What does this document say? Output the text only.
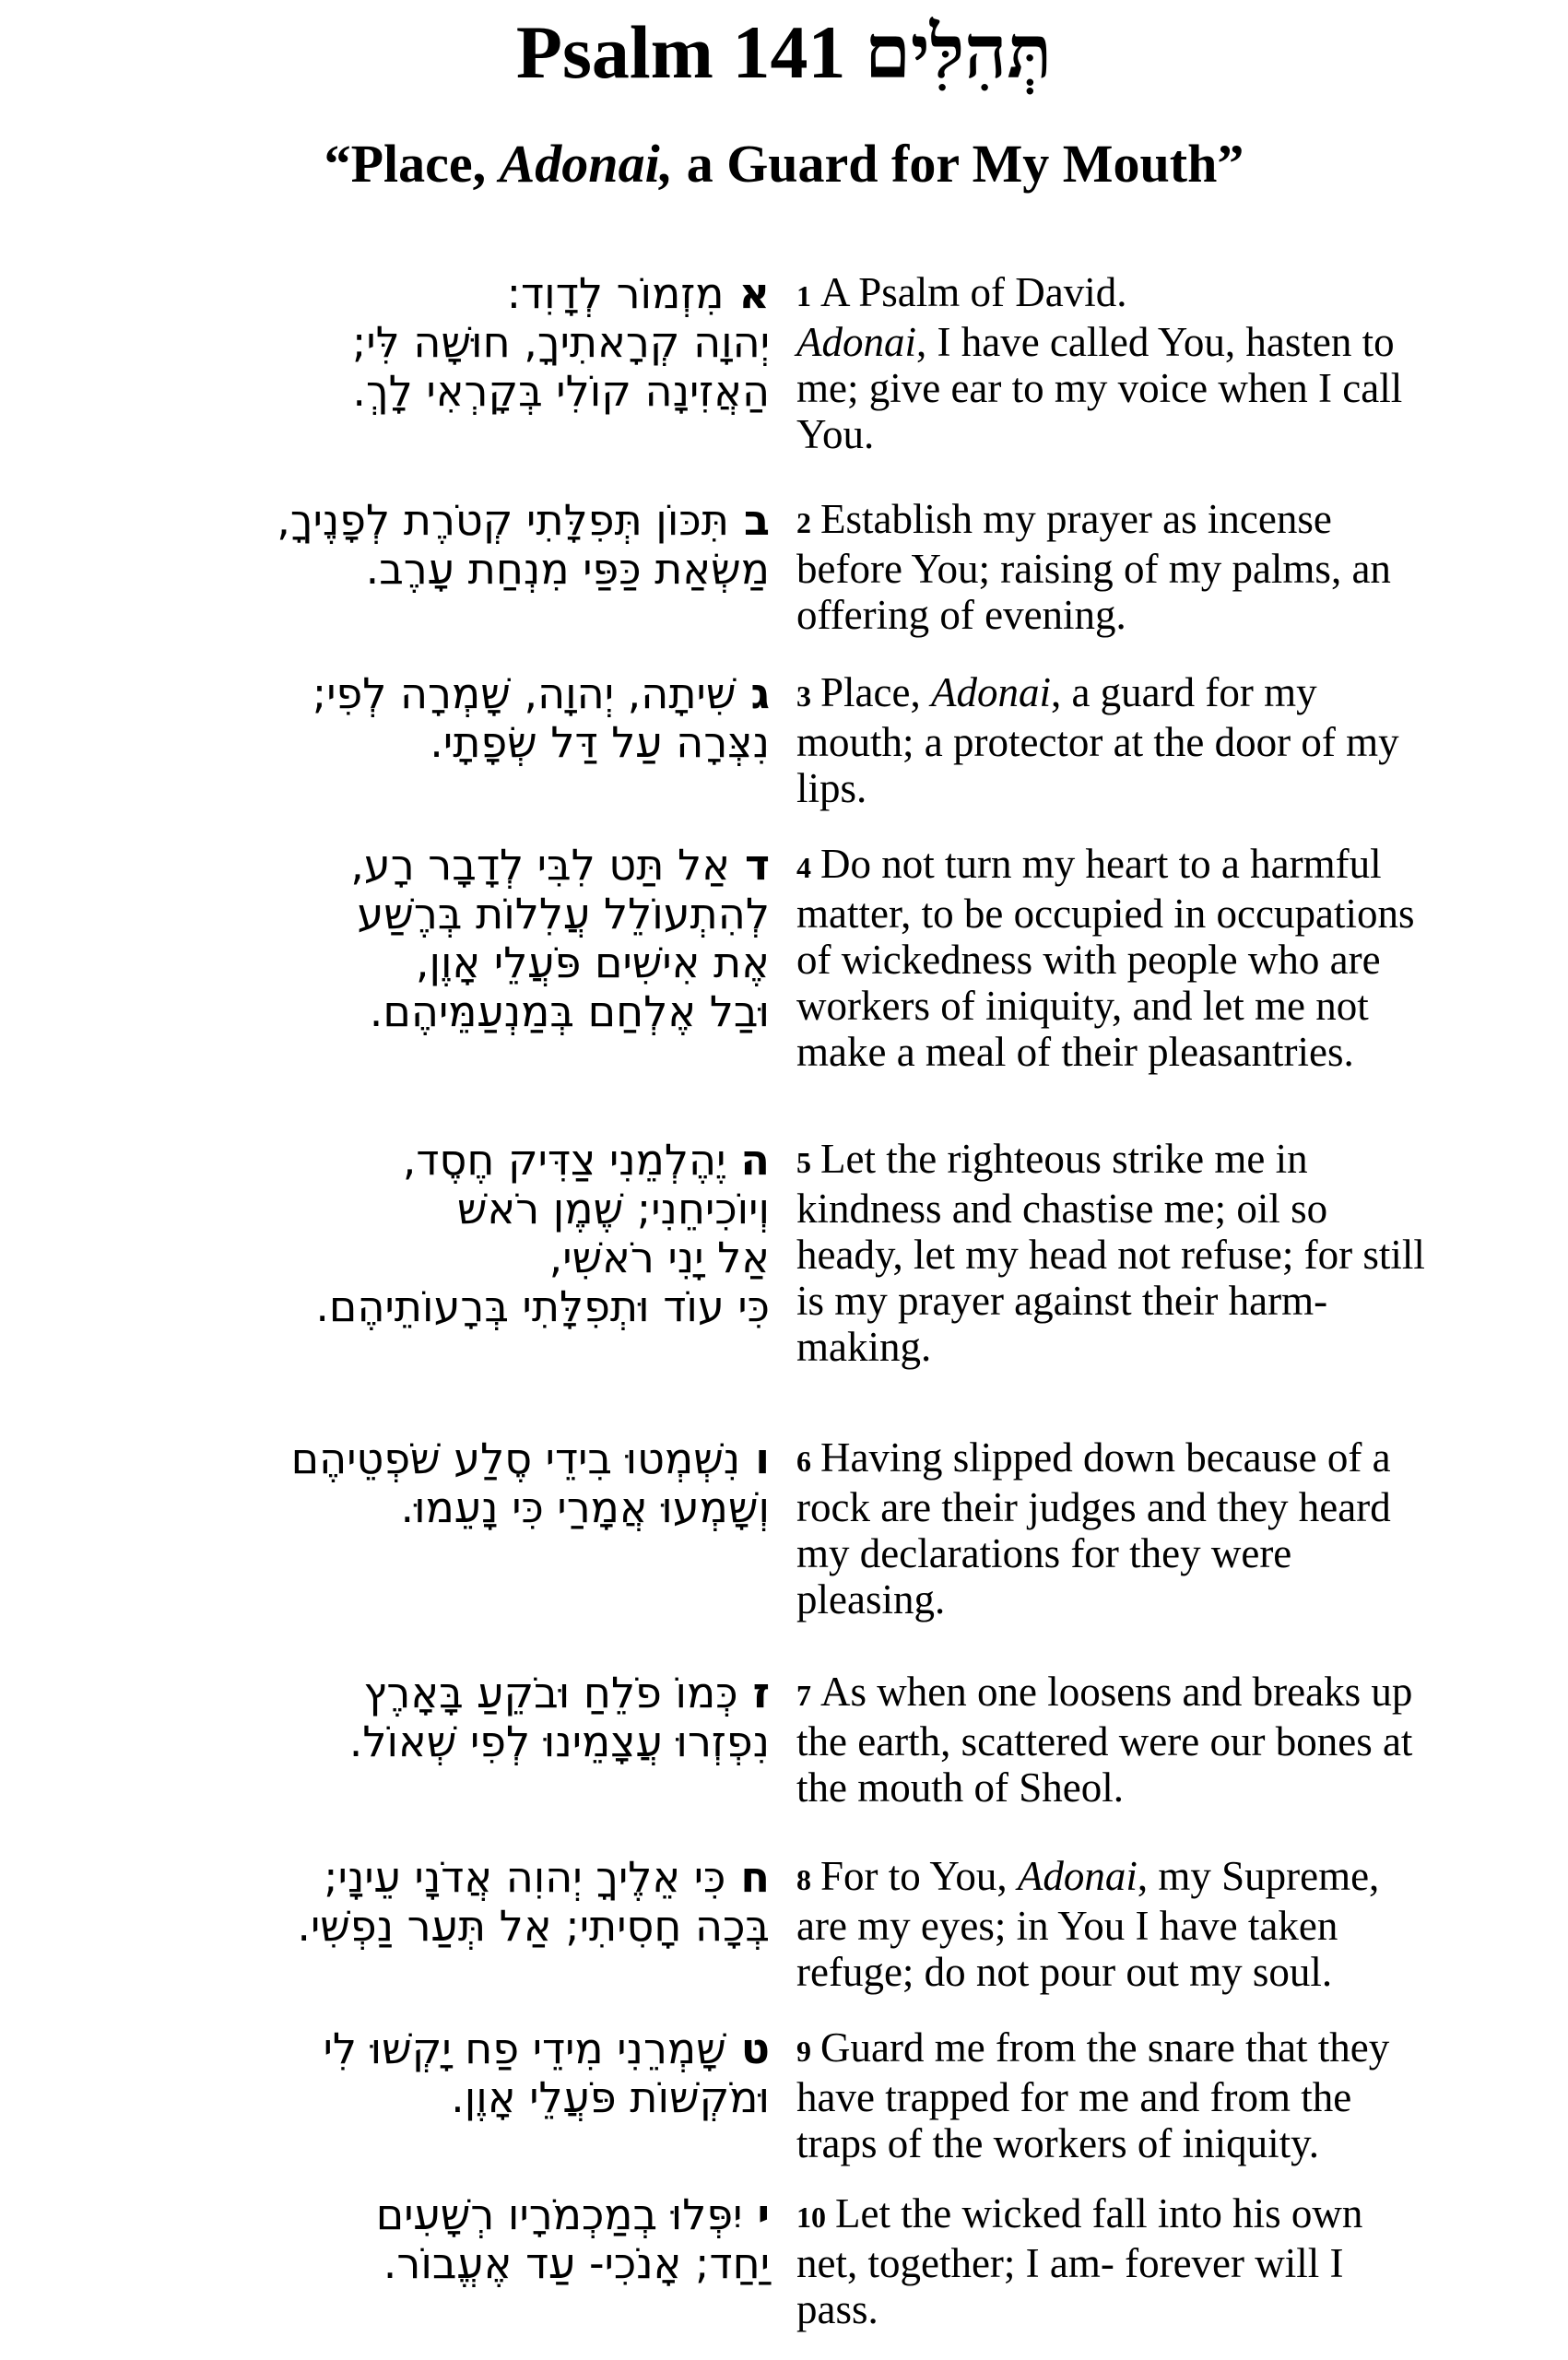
Psalm 141 תְּהִלִּים
“Place, Adonai, a Guard for My Mouth”
אמִזְמוֹר לְדָוִד:
יְהוָה קְרָאתִיךָ, חוּשָׁה לִּי;
הַאֲזִינָה קוֹלִי בְּקָרְאִי לָךְ.
1 A Psalm of David.
Adonai, I have called You, hasten to
me; give ear to my voice when I call
You.
בתִּכּוֹן תְּפִלָּתִי קְטֹרֶת לְפָנֶיךָ,
מַשְׂאַת כַּפַּי מִנְחַת עָרֶב.
2 Establish my prayer as incense
before You; raising of my palms, an
offering of evening.
גשִׁיתָה, יְהוָה, שָׁמְרָה לְפִי;
נִצְּרָה עַל דַּל שְׂפָתָי.
3 Place, Adonai, a guard for my
mouth; a protector at the door of my
lips.
דאַל תַּט לִבִּי לְדָבָר רָע,
לְהִתְעוֹלֵל עֲלִלוֹת בְּרֶשַׁע
אֶת אִישִׁים פֹּעֲלֵי אָוֶן,
וּבַל אֶלְחַם בְּמַנְעַמֵּיהֶם.
4 Do not turn my heart to a harmful
matter, to be occupied in occupations
of wickedness with people who are
workers of iniquity, and let me not
make a meal of their pleasantries.
היֶהֶלְמֵנִי צַדִּיק חֶסֶד,
וְיוֹכִיחֵנִי; שֶׁמֶן רֹאשׁ
אַל יָנִי רֹאשִׁי,
כִּי עוֹד וּתְפִלָּתִי בְּרָעוֹתֵיהֶם.
5 Let the righteous strike me in
kindness and chastise me; oil so
heady, let my head not refuse; for still
is my prayer against their harm-
making.
ונִשְׁמְטוּ בִידֵי סֶלַע שֹׁפְטֵיהֶם
וְשָׁמְעוּ אֲמָרַי כִּי נָעֵמוּ.
6 Having slipped down because of a
rock are their judges and they heard
my declarations for they were
pleasing.
זכְּמוֹ פֹלֵחַ וּבֹקֵעַ בָּאָרֶץ
נִפְזְרוּ עֲצָמֵינוּ לְפִי שְׁאוֹל.
7 As when one loosens and breaks up
the earth, scattered were our bones at
the mouth of Sheol.
חכִּי אֵלֶיךָ יְהוִה אֲדֹנָי עֵינָי;
בְּכָה חָסִיתִי; אַל תְּעַר נַפְשִׁי.
8 For to You, Adonai, my Supreme,
are my eyes; in You I have taken
refuge; do not pour out my soul.
טשָׁמְרֵנִי מִידֵי פַח יָקְשׁוּ לִי
וּמֹקְשׁוֹת פֹּעֲלֵי אָוֶן.
9 Guard me from the snare that they
have trapped for me and from the
traps of the workers of iniquity.
ייִפְּלוּ בְמַכְמֹרָיו רְשָׁעִים
יַחַד; אָנֹכִי- עַד אֶעֱבוֹר.
10 Let the wicked fall into his own
net, together; I am- forever will I
pass.
